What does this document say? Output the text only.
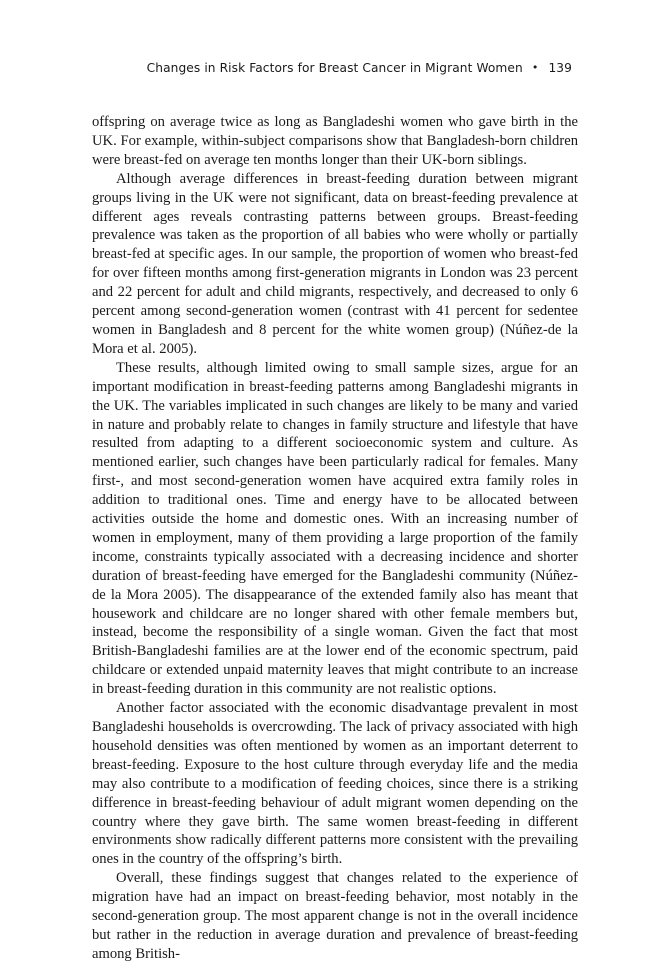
Changes in Risk Factors for Breast Cancer in Migrant Women • 139

offspring on average twice as long as Bangladeshi women who gave birth in the UK. For example, within-subject comparisons show that Bangladesh-born children were breast-fed on average ten months longer than their UK-born siblings.

Although average differences in breast-feeding duration between migrant groups living in the UK were not significant, data on breast-feeding prevalence at different ages reveals contrasting patterns between groups. Breast-feeding prevalence was taken as the proportion of all babies who were wholly or partially breast-fed at specific ages. In our sample, the proportion of women who breast-fed for over fifteen months among first-generation migrants in London was 23 percent and 22 percent for adult and child migrants, respectively, and decreased to only 6 percent among second-generation women (contrast with 41 percent for sedentee women in Bangladesh and 8 percent for the white women group) (Núñez-de la Mora et al. 2005).

These results, although limited owing to small sample sizes, argue for an important modification in breast-feeding patterns among Bangladeshi migrants in the UK. The variables implicated in such changes are likely to be many and varied in nature and probably relate to changes in family structure and lifestyle that have resulted from adapting to a different socioeconomic system and culture. As mentioned earlier, such changes have been particularly radical for females. Many first-, and most second-generation women have acquired extra family roles in addition to traditional ones. Time and energy have to be allocated between activities outside the home and domestic ones. With an increasing number of women in employment, many of them providing a large proportion of the family income, constraints typically associated with a decreasing incidence and shorter duration of breast-feeding have emerged for the Bangladeshi community (Núñez-de la Mora 2005). The disappearance of the extended family also has meant that housework and childcare are no longer shared with other female members but, instead, become the responsibility of a single woman. Given the fact that most British-Bangladeshi families are at the lower end of the economic spectrum, paid childcare or extended unpaid maternity leaves that might contribute to an increase in breast-feeding duration in this community are not realistic options.

Another factor associated with the economic disadvantage prevalent in most Bangladeshi households is overcrowding. The lack of privacy associated with high household densities was often mentioned by women as an important deterrent to breast-feeding. Exposure to the host culture through everyday life and the media may also contribute to a modification of feeding choices, since there is a striking difference in breast-feeding behaviour of adult migrant women depending on the country where they gave birth. The same women breast-feeding in different environments show radically different patterns more consistent with the prevailing ones in the country of the offspring’s birth.

Overall, these findings suggest that changes related to the experience of migration have had an impact on breast-feeding behavior, most notably in the second-generation group. The most apparent change is not in the overall incidence but rather in the reduction in average duration and prevalence of breast-feeding among British-
